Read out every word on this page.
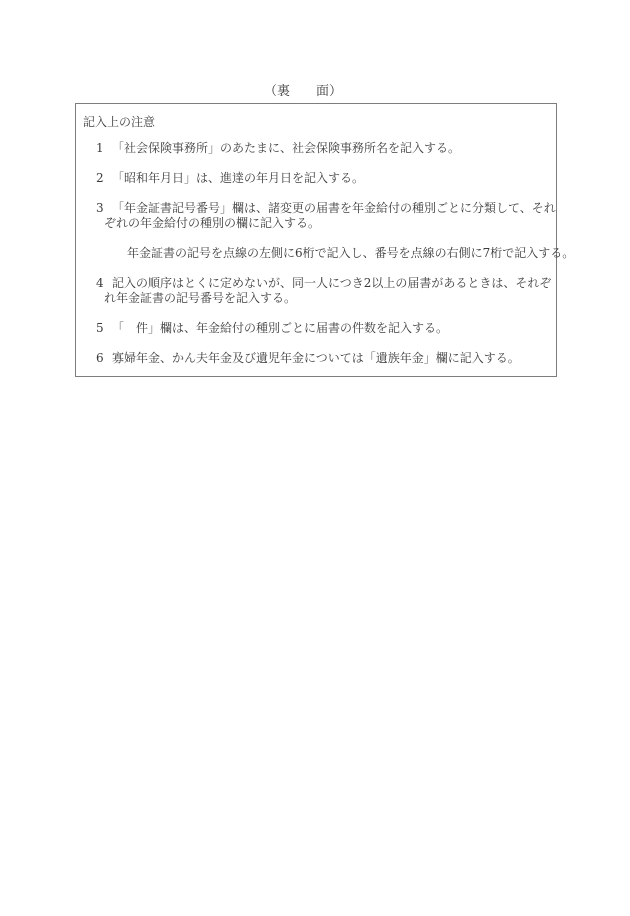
（裏　　面）
記入上の注意
1 「社会保険事務所」のあたまに、社会保険事務所名を記入する。
2 「昭和年月日」は、進達の年月日を記入する。
3 「年金証書記号番号」欄は、諸変更の届書を年金給付の種別ごとに分類して、それ
ぞれの年金給付の種別の欄に記入する。
年金証書の記号を点線の左側に6桁で記入し、番号を点線の右側に7桁で記入する。
4 記入の順序はとくに定めないが、同一人につき2以上の届書があるときは、それぞ
れ年金証書の記号番号を記入する。
5 「　件」欄は、年金給付の種別ごとに届書の件数を記入する。
6 寡婦年金、かん夫年金及び遺児年金については「遺族年金」欄に記入する。
